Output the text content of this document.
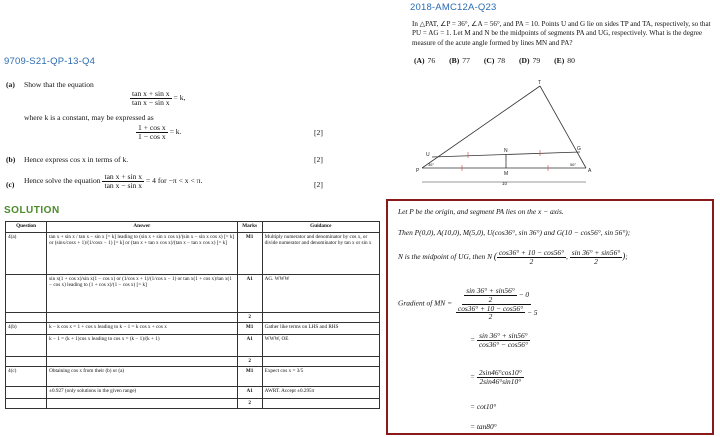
9709-S21-QP-13-Q4
(a) Show that the equation
$\frac{\text{tan x + sin x}}{\text{tan x − sin x}} = k$,
where k is a constant, may be expressed as
$\frac{\text{1 + cos x}}{\text{1 − cos x}} = k$.	[2]
(b) Hence express cos x in terms of k.	[2]
(c) Hence solve the equation $\frac{\text{tan x + sin x}}{\text{tan x − sin x}} = 4$ for −π < x < π.	[2]
SOLUTION
Question	Answer	Marks	Guidance
4(a)	tan x + sin x / tan x − sin x [= k] leading to (sin x + sin x cos x)/(sin x − sin x cos x) [= k] or (sinx/cosx + 1)/(1/cosx − 1) [= k] or (tan x + tan x cos x)/(tan x − tan x cos x) [= k]	M1	Multiply numerator and denominator by cos x, or divide numerator and denominator by tan x or sin x
	sin x(1 + cos x)/sin x(1 − cos x) or (1/cos x + 1)/(1/cos x − 1) or tan x(1 + cos x)/tan x(1 − cos x) leading to (1 + cos x)/(1 − cos x) [= k]	A1	AG. WWW
		2	
4(b)	k − k cos x = 1 + cos x leading to k − 1 = k cos x + cos x	M1	Gather like terms on LHS and RHS
	k − 1 = (k + 1)cos x leading to cos x = (k − 1)/(k + 1)	A1	WWW, OE
		2	
4(c)	Obtaining cos x from their (b) or (a)	M1	Expect cos x = 3/5
	±0.927 (only solutions in the given range)	A1	AWRT. Accept ±0.295π
		2	
2018-AMC12A-Q23
In △PAT, ∠P = 36°, ∠A = 56°, and PA = 10. Points U and G lie on sides TP and TA, respectively, so that PU = AG = 1. Let M and N be the midpoints of segments PA and UG, respectively. What is the degree measure of the acute angle formed by lines MN and PA?
(A) 76 (B) 77 (C) 78 (D) 79 (E) 80
T
U
N	G
P	M	A
36°	56°
10
Let P be the origin, and segment PA lies on the x − axis.
Then P(0,0), A(10,0), M(5,0), U(cos36°, sin 36°) and G(10 − cos56°, sin 56°);
N is the midpoint of UG, then N ( $\frac{\cos 36^\circ + 10 - \cos 56^\circ}{2}$ , $\frac{\sin 36^\circ + \sin 56^\circ}{2}$ );
Gradient of MN = $\frac{\frac{\sin 36^\circ + \sin 56^\circ}{2} - 0}{\frac{\cos 36^\circ + 10 - \cos 56^\circ}{2} - 5}$
= $\frac{\sin 36^\circ + \sin 56^\circ}{\cos 36^\circ - \cos 56^\circ}$
= $\frac{2\sin 46^\circ\cos 10^\circ}{2\sin 46^\circ\sin 10^\circ}$
= cot10°
= tan80°
